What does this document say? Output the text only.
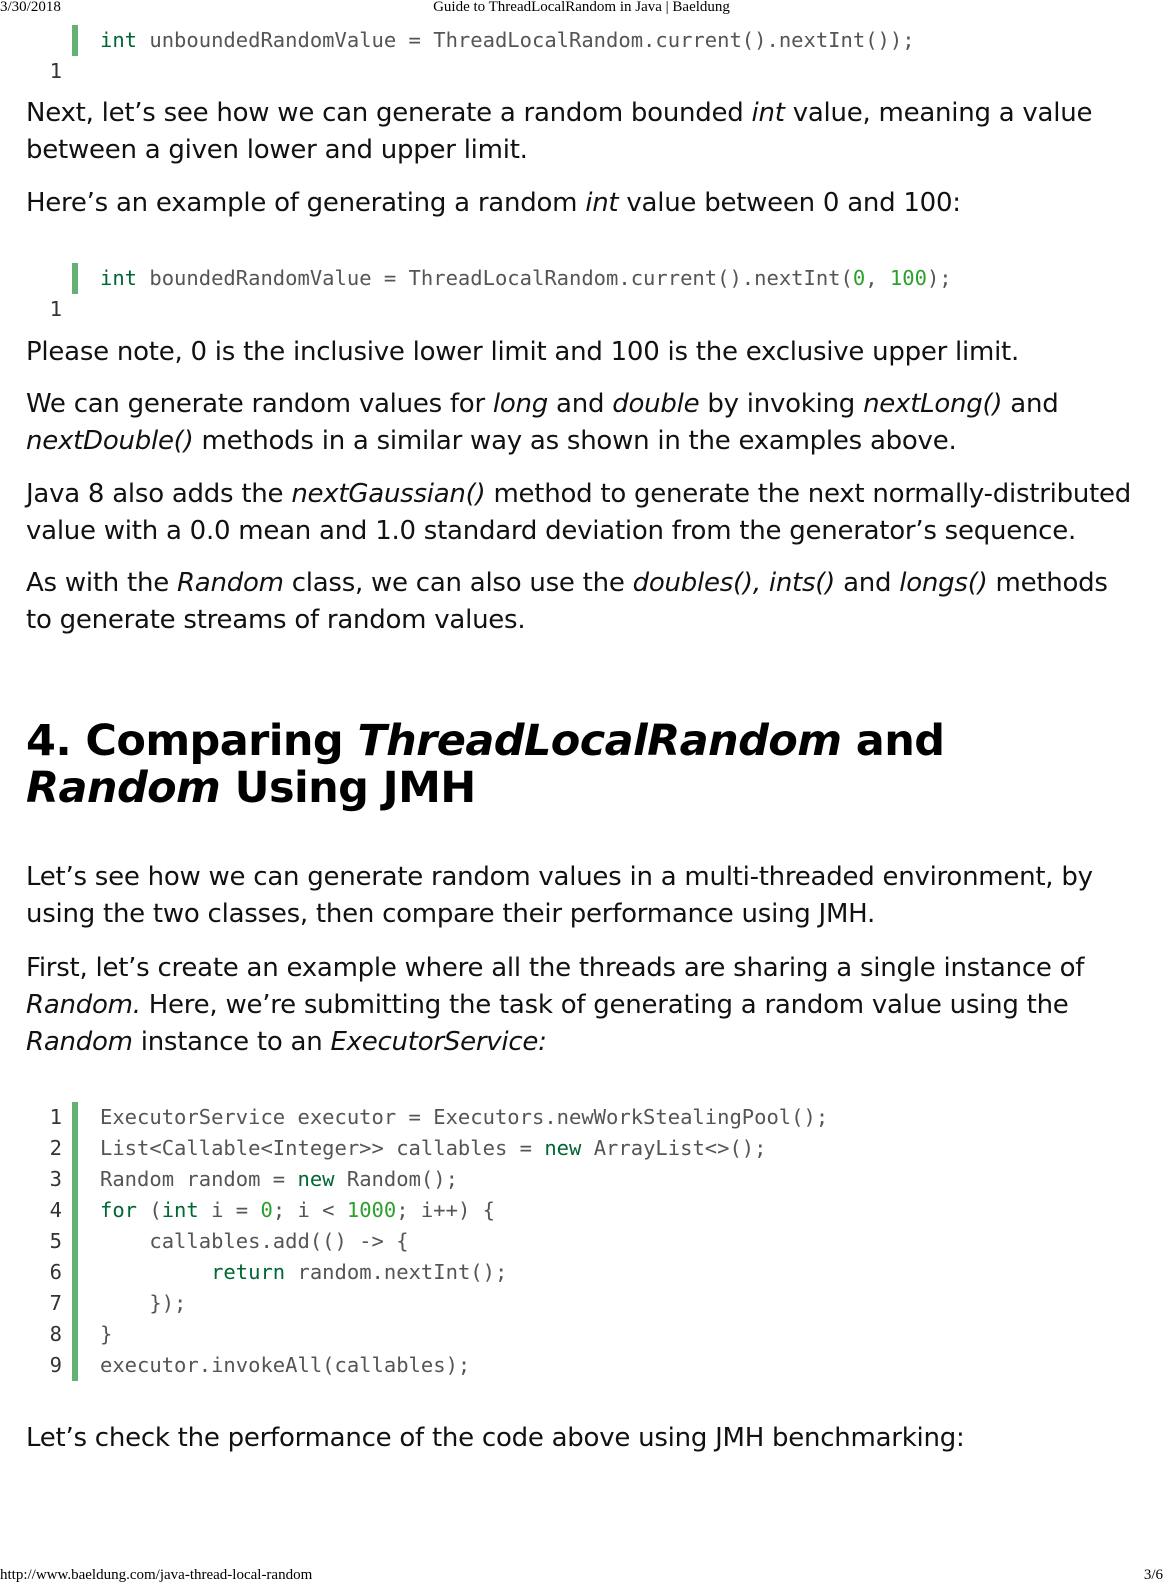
3/30/2018	Guide to ThreadLocalRandom in Java | Baeldung

1

int unboundedRandomValue = ThreadLocalRandom.current().nextInt());

Next, let’s see how we can generate a random bounded int value, meaning a value between a given lower and upper limit.

Here’s an example of generating a random int value between 0 and 100:

1

int boundedRandomValue = ThreadLocalRandom.current().nextInt(0, 100);

Please note, 0 is the inclusive lower limit and 100 is the exclusive upper limit.

We can generate random values for long and double by invoking nextLong() and nextDouble() methods in a similar way as shown in the examples above.

Java 8 also adds the nextGaussian() method to generate the next normally-distributed value with a 0.0 mean and 1.0 standard deviation from the generator’s sequence.

As with the Random class, we can also use the doubles(), ints() and longs() methods to generate streams of random values.

4. Comparing ThreadLocalRandom and Random Using JMH

Let’s see how we can generate random values in a multi-threaded environment, by using the two classes, then compare their performance using JMH.

First, let’s create an example where all the threads are sharing a single instance of Random. Here, we’re submitting the task of generating a random value using the Random instance to an ExecutorService:

1 ExecutorService executor = Executors.newWorkStealingPool();
2 List<Callable<Integer>> callables = new ArrayList<>();
3 Random random = new Random();
4 for (int i = 0; i < 1000; i++) {
5 callables.add(() -> {
6	return random.nextInt();
7 });
8 }
9 executor.invokeAll(callables);

Let’s check the performance of the code above using JMH benchmarking:

http://www.baeldung.com/java-thread-local-random	3/6
